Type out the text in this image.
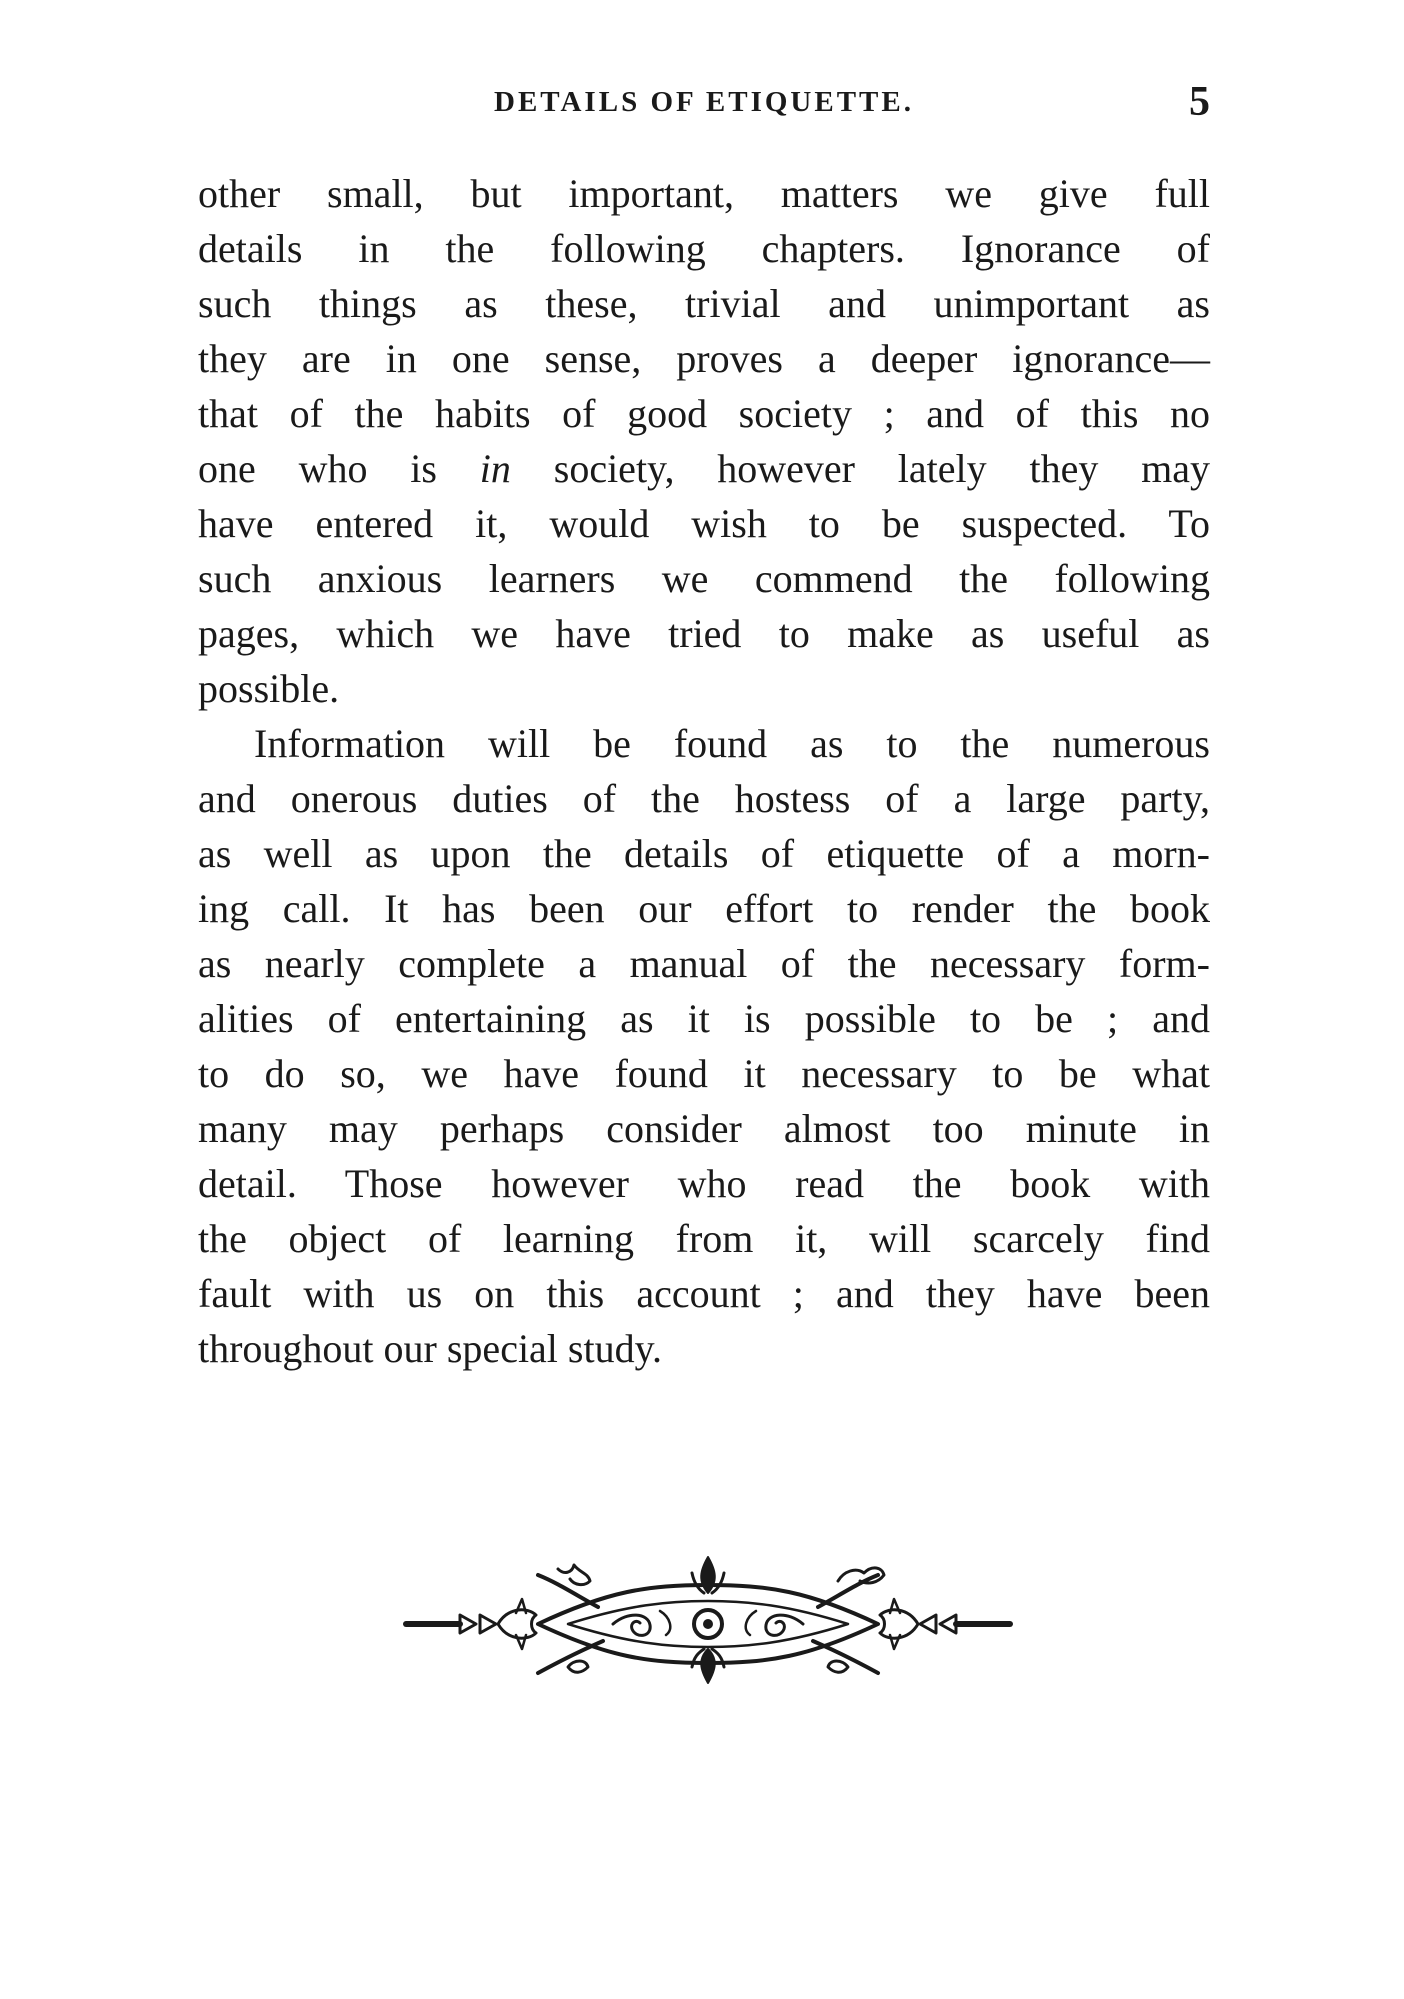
DETAILS OF ETIQUETTE.	5

other small, but important, matters we give full
details in the following chapters. Ignorance of
such things as these, trivial and unimportant as
they are in one sense, proves a deeper ignorance—
that of the habits of good society ; and of this no
one who is in society, however lately they may
have entered it, would wish to be suspected. To
such anxious learners we commend the following
pages, which we have tried to make as useful as
possible.

Information will be found as to the numerous
and onerous duties of the hostess of a large party,
as well as upon the details of etiquette of a morn-
ing call. It has been our effort to render the book
as nearly complete a manual of the necessary form-
alities of entertaining as it is possible to be ; and
to do so, we have found it necessary to be what
many may perhaps consider almost too minute in
detail. Those however who read the book with
the object of learning from it, will scarcely find
fault with us on this account ; and they have been
throughout our special study.
